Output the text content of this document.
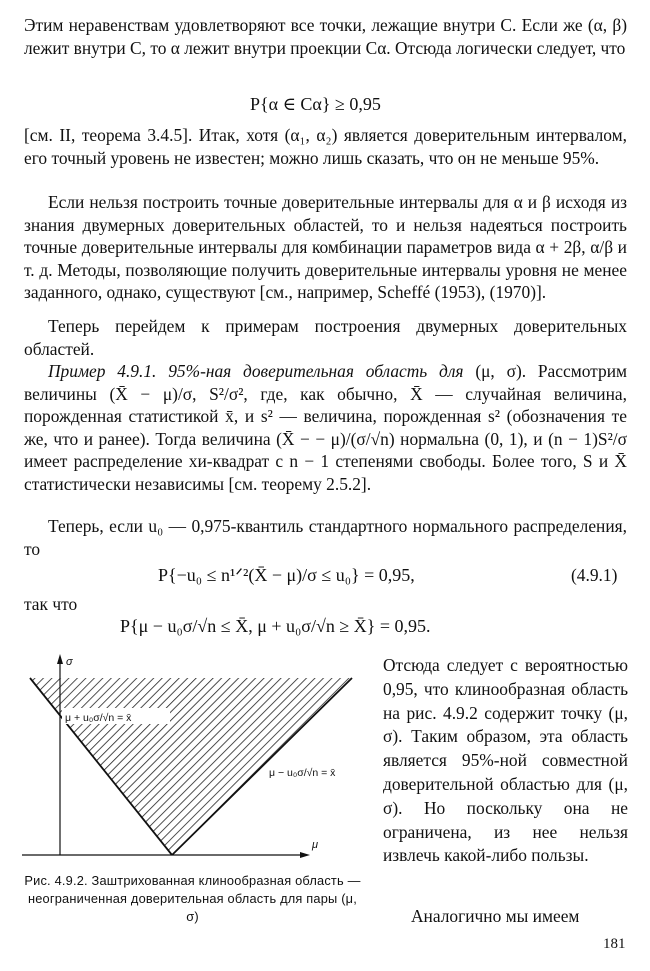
Этим неравенствам удовлетворяют все точки, лежащие внутри C. Если же (α, β) лежит внутри C, то α лежит внутри проекции Cα. Отсюда логически следует, что

P{α ∈ Cα} ≥ 0,95

[см. II, теорема 3.4.5]. Итак, хотя (α₁, α₂) является доверительным интервалом, его точный уровень не известен; можно лишь сказать, что он не меньше 95%.

Если нельзя построить точные доверительные интервалы для α и β исходя из знания двумерных доверительных областей, то и нельзя надеяться построить точные доверительные интервалы для комбинации параметров вида α + 2β, α/β и т. д. Методы, позволяющие получить доверительные интервалы уровня не менее заданного, однако, существуют [см., например, Scheffé (1953), (1970)].

Теперь перейдем к примерам построения двумерных доверительных областей.

Пример 4.9.1. 95%-ная доверительная область для (μ, σ). Рассмотрим величины (X̄ − μ)/σ, S²/σ², где, как обычно, X̄ — случайная величина, порожденная статистикой x̄, и s² — величина, порожденная s² (обозначения те же, что и ранее). Тогда величина (X̄ − − μ)/(σ/√n) нормальна (0, 1), и (n − 1)S²/σ имеет распределение хи-квадрат с n − 1 степенями свободы. Более того, S и X̄ статистически независимы [см. теорему 2.5.2].

Теперь, если u₀ — 0,975-квантиль стандартного нормального распределения, то

P{−u₀ ≤ n¹ᐟ²(X̄ − μ)/σ ≤ u₀} = 0,95,	(4.9.1)

так что

P{μ − u₀σ/√n ≤ X̄, μ + u₀σ/√n ≥ X̄} = 0,95.
μ + u₀σ/√n = x̄
μ − u₀σ/√n = x̄
σ
μ

Рис. 4.9.2. Заштрихованная клинообразная область — неограниченная доверительная область для пары (μ, σ)

Отсюда следует с вероятностью 0,95, что клинообразная область на рис. 4.9.2 содержит точку (μ, σ). Таким образом, эта область является 95%-ной совместной доверительной областью для (μ, σ). Но поскольку она не ограничена, из нее нельзя извлечь какой-либо пользы.

Аналогично мы имеем

181
